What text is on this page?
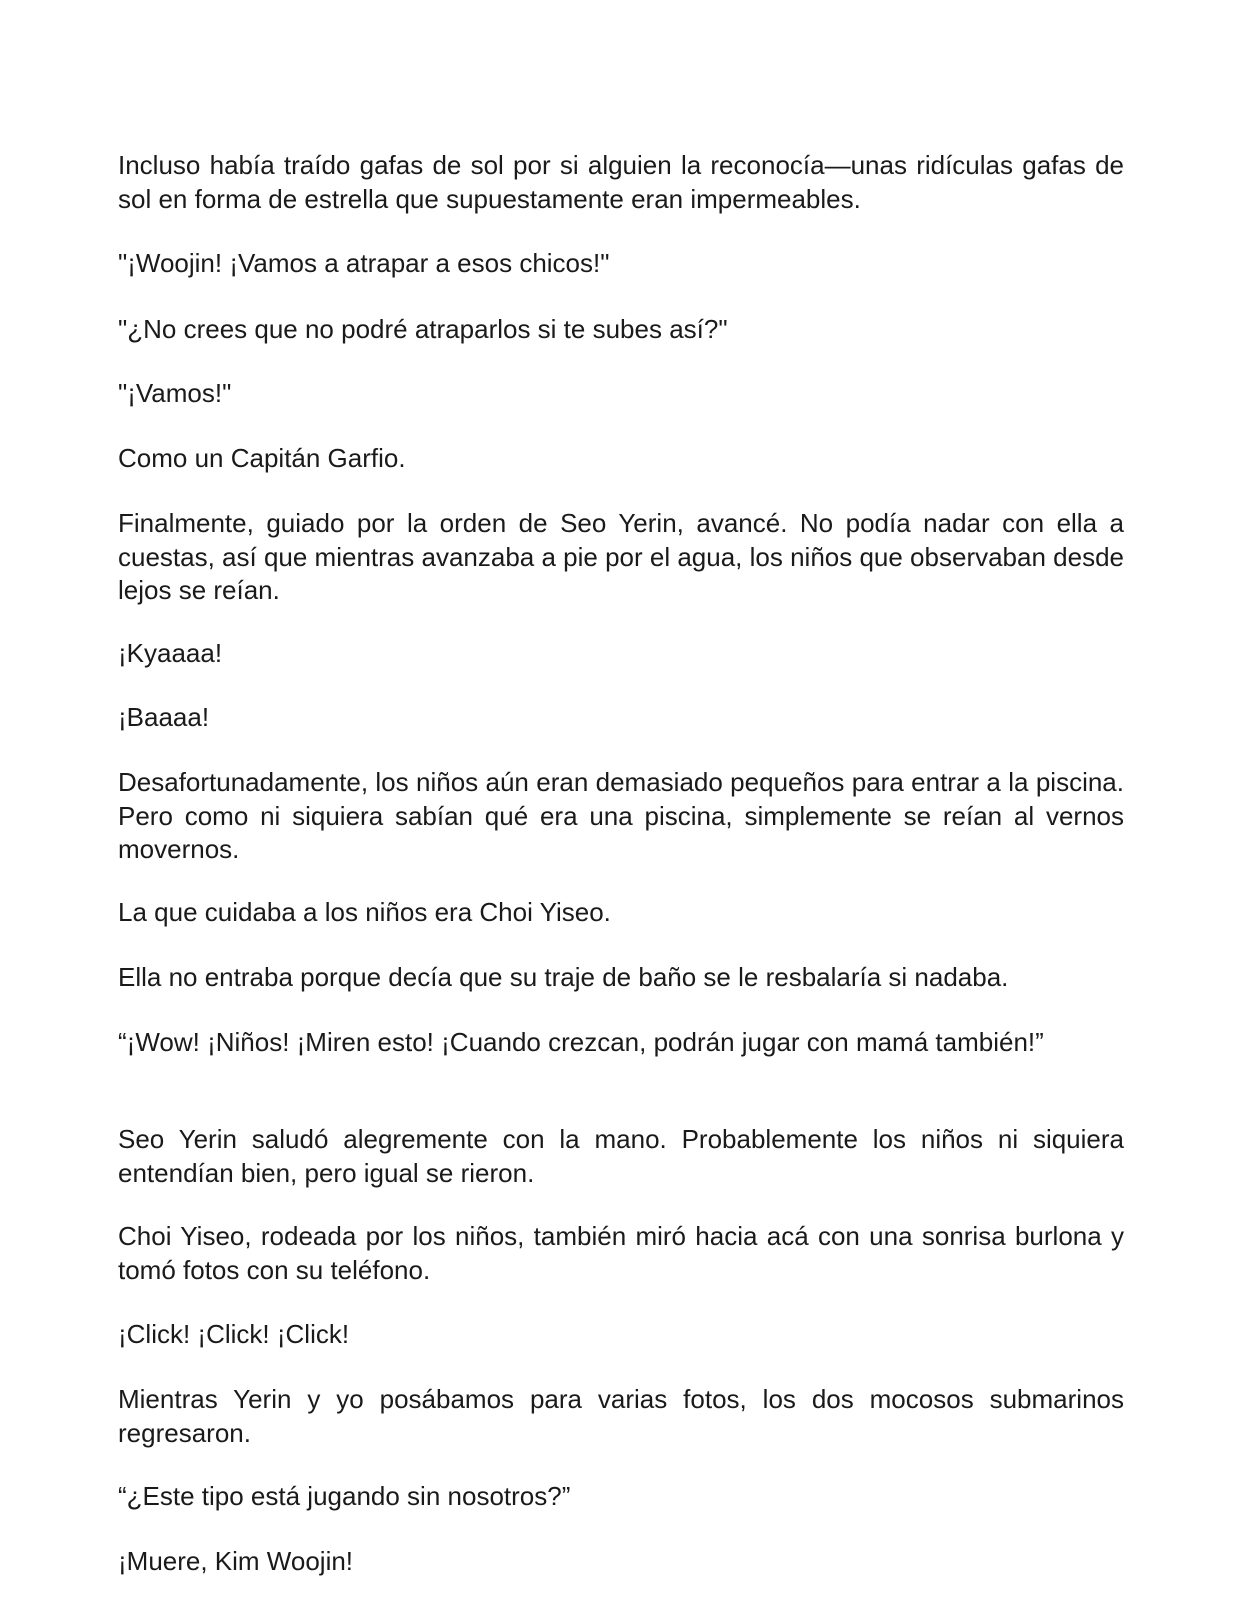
Incluso había traído gafas de sol por si alguien la reconocía—unas ridículas gafas de sol en forma de estrella que supuestamente eran impermeables.

"¡Woojin! ¡Vamos a atrapar a esos chicos!"

"¿No crees que no podré atraparlos si te subes así?"

"¡Vamos!"

Como un Capitán Garfio.

Finalmente, guiado por la orden de Seo Yerin, avancé. No podía nadar con ella a cuestas, así que mientras avanzaba a pie por el agua, los niños que observaban desde lejos se reían.

¡Kyaaaa!

¡Baaaa!

Desafortunadamente, los niños aún eran demasiado pequeños para entrar a la piscina. Pero como ni siquiera sabían qué era una piscina, simplemente se reían al vernos movernos.

La que cuidaba a los niños era Choi Yiseo.

Ella no entraba porque decía que su traje de baño se le resbalaría si nadaba.

“¡Wow! ¡Niños! ¡Miren esto! ¡Cuando crezcan, podrán jugar con mamá también!”

Seo Yerin saludó alegremente con la mano. Probablemente los niños ni siquiera entendían bien, pero igual se rieron.

Choi Yiseo, rodeada por los niños, también miró hacia acá con una sonrisa burlona y tomó fotos con su teléfono.

¡Click! ¡Click! ¡Click!

Mientras Yerin y yo posábamos para varias fotos, los dos mocosos submarinos regresaron.

“¿Este tipo está jugando sin nosotros?”

¡Muere, Kim Woojin!
